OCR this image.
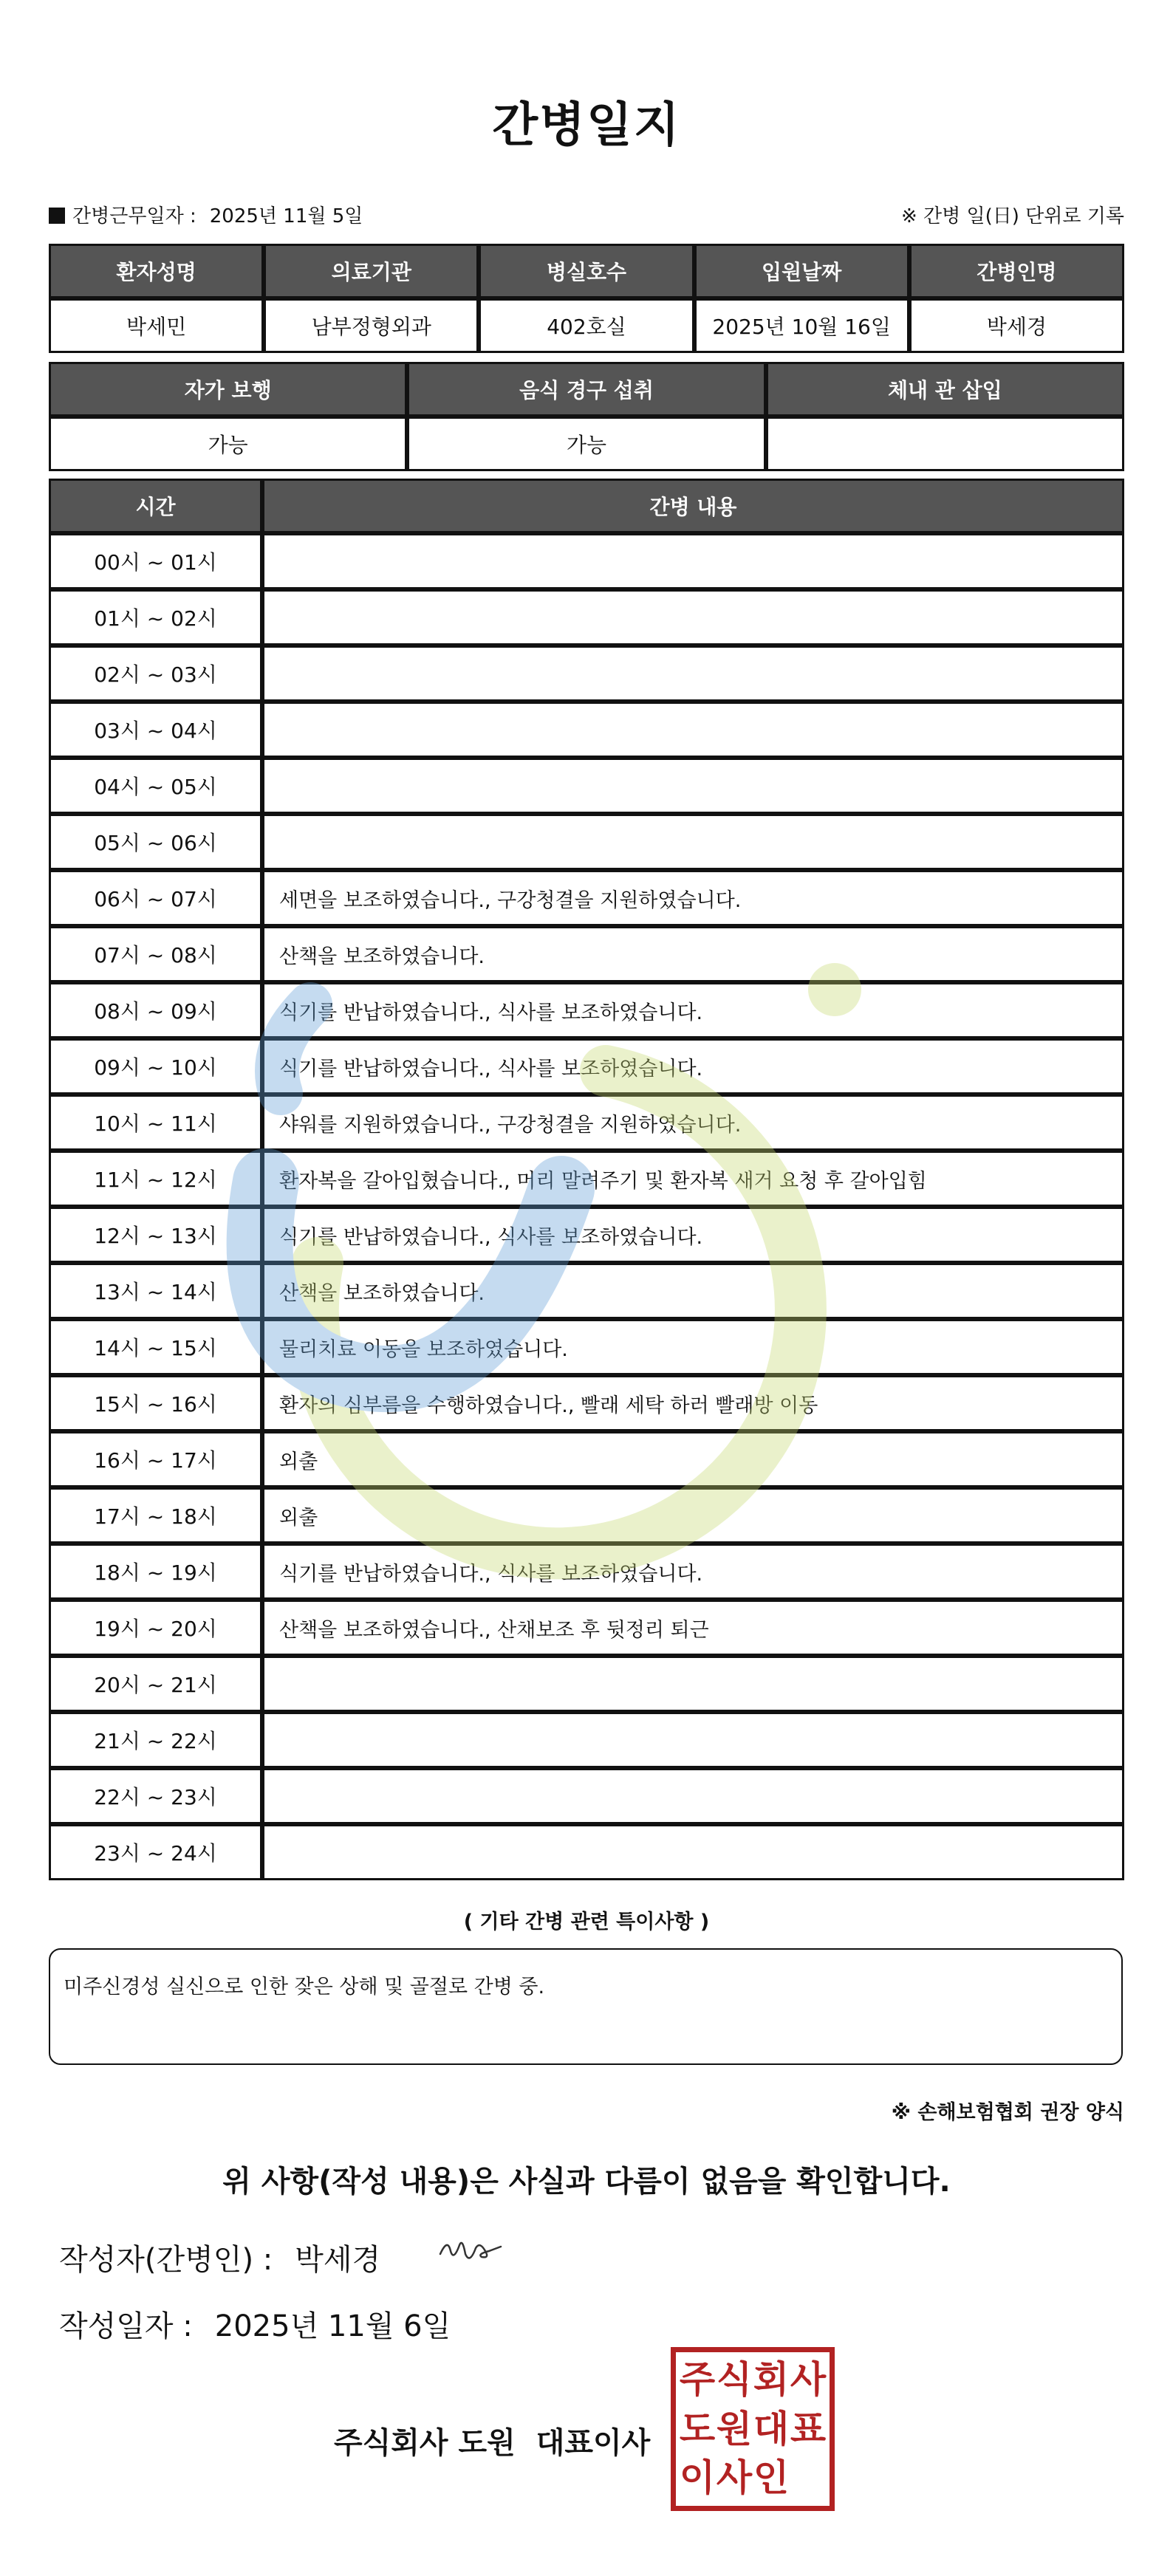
간병일지
간병근무일자 : 2025년 11월 5일	※ 간병 일(日) 단위로 기록
환자성명	의료기관	병실호수	입원날짜	간병인명
박세민	남부정형외과	402호실	2025년 10월 16일	박세경
자가 보행	음식 경구 섭취	체내 관 삽입
가능	가능	
시간	간병 내용
00시 ~ 01시	
01시 ~ 02시	
02시 ~ 03시	
03시 ~ 04시	
04시 ~ 05시	
05시 ~ 06시	
06시 ~ 07시	세면을 보조하였습니다., 구강청결을 지원하였습니다.
07시 ~ 08시	산책을 보조하였습니다.
08시 ~ 09시	식기를 반납하였습니다., 식사를 보조하였습니다.
09시 ~ 10시	식기를 반납하였습니다., 식사를 보조하였습니다.
10시 ~ 11시	샤워를 지원하였습니다., 구강청결을 지원하였습니다.
11시 ~ 12시	환자복을 갈아입혔습니다., 머리 말려주기 및 환자복 새거 요청 후 갈아입힘
12시 ~ 13시	식기를 반납하였습니다., 식사를 보조하였습니다.
13시 ~ 14시	산책을 보조하였습니다.
14시 ~ 15시	물리치료 이동을 보조하였습니다.
15시 ~ 16시	환자의 심부름을 수행하였습니다., 빨래 세탁 하러 빨래방 이동
16시 ~ 17시	외출
17시 ~ 18시	외출
18시 ~ 19시	식기를 반납하였습니다., 식사를 보조하였습니다.
19시 ~ 20시	산책을 보조하였습니다., 산채보조 후 뒷정리 퇴근
20시 ~ 21시	
21시 ~ 22시	
22시 ~ 23시	
23시 ~ 24시	
( 기타 간병 관련 특이사항 )
미주신경성 실신으로 인한 잦은 상해 및 골절로 간병 중.
※ 손해보험협회 권장 양식
위 사항(작성 내용)은 사실과 다름이 없음을 확인합니다.
작성자(간병인) : 박세경
작성일자 : 2025년 11월 6일
주식회사 도원 대표이사
주 식 회 사
도 원 대 표
이 사 인
